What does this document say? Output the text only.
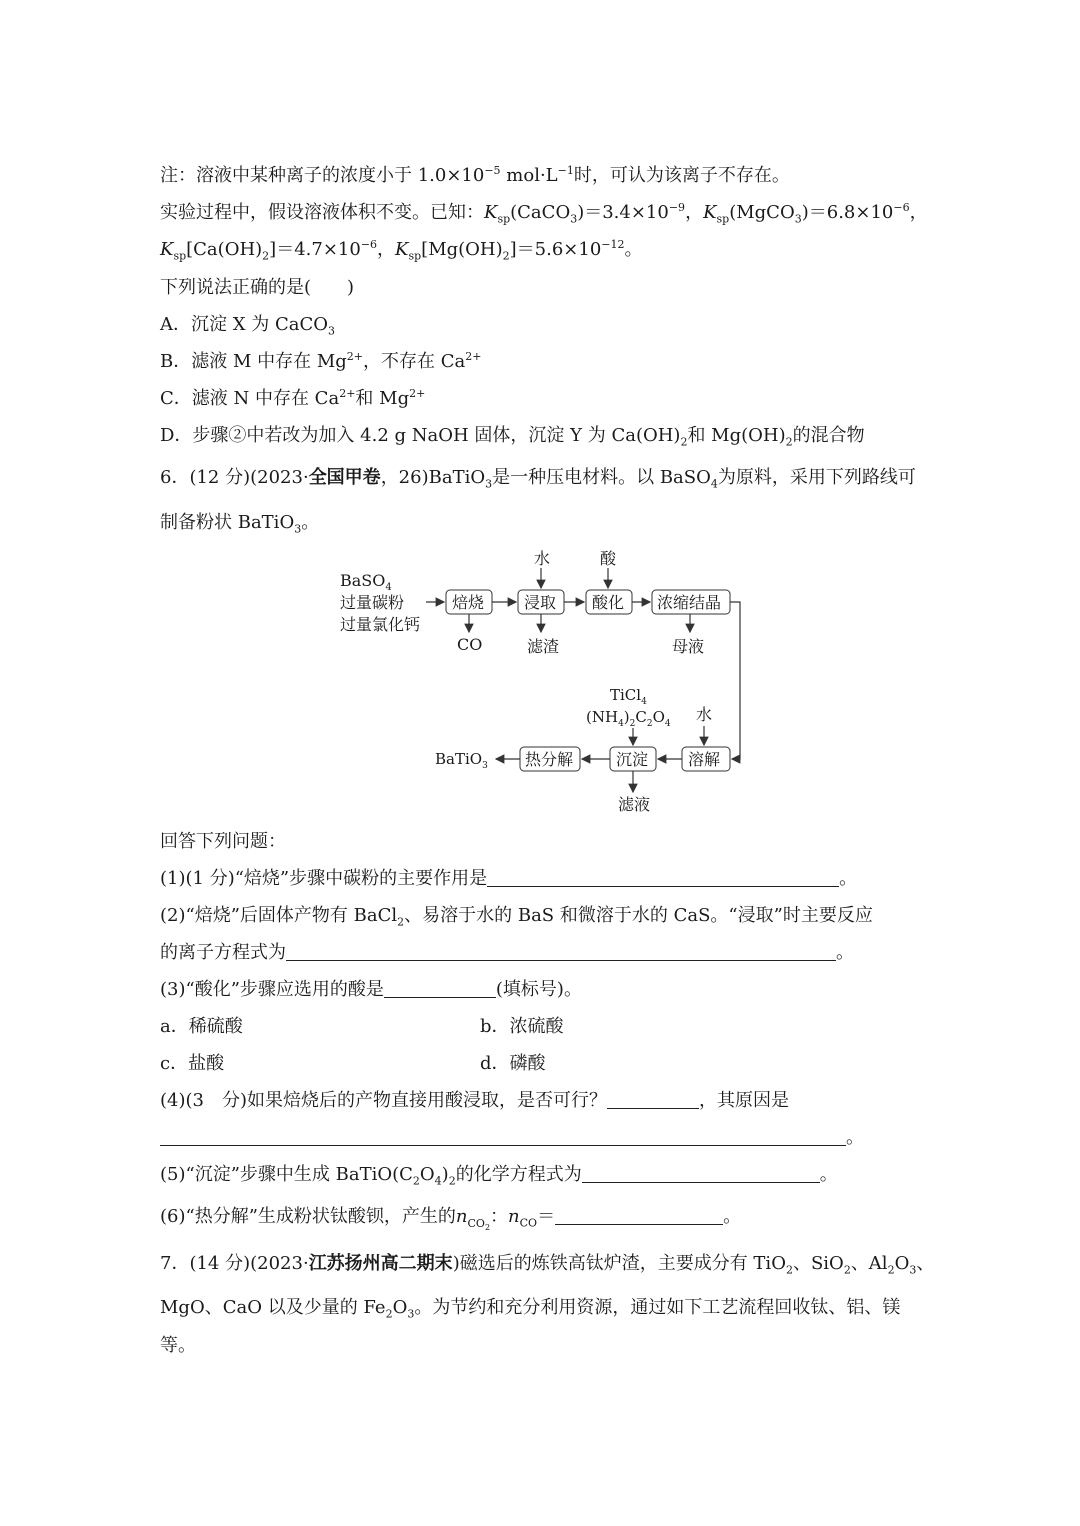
注：溶液中某种离子的浓度小于 $1.0\times 10^{-5}$ $mol\cdot L^{-1}$时，可认为该离子不存在。
实验过程中，假设溶液体积不变。已知：$K_{sp}(CaCO_3)=3.4\times 10^{-9}$，$K_{sp}(MgCO_3)=6.8\times 10^{-6}$，
$K_{sp}[Ca(OH)_2]=4.7\times 10^{-6}$，$K_{sp}[Mg(OH)_2]=5.6\times 10^{-12}$。
下列说法正确的是(　　)
A．沉淀 X 为 CaCO$_3$
B．滤液 M 中存在 $Mg^{2+}$，不存在 $Ca^{2+}$
C．滤液 N 中存在 $Ca^{2+}$和 $Mg^{2+}$
D．步骤②中若改为加入 4.2 g NaOH 固体，沉淀 Y 为 $Ca(OH)_2$和 $Mg(OH)_2$的混合物
6．(12 分)(2023·全国甲卷，26)BaTiO$_3$是一种压电材料。以 BaSO$_4$为原料，采用下列路线可
制备粉状 BaTiO$_3$。
BaSO$_4$
过量碳粉
过量氯化钙
焙烧 浸取 酸化 浓缩结晶
水	酸
CO	滤渣	母液
溶解
沉淀
热分解
BaTiO$_3$
TiCl$_4$
$(NH_4)_2C_2O_4$ 水
滤液
回答下列问题：
(1)(1 分)“焙烧”步骤中碳粉的主要作用是	。
(2)“焙烧”后固体产物有 BaCl$_2$、易溶于水的 BaS 和微溶于水的 CaS。“浸取”时主要反应
的离子方程式为	。
(3)“酸化”步骤应选用的酸是	(填标号)。
a．稀硫酸	b．浓硫酸
c．盐酸	d．磷酸
(4)(3　分)如果焙烧后的产物直接用酸浸取，是否可行？	，其原因是
。
(5)“沉淀”步骤中生成 $BaTiO(C_2O_4)_2$的化学方程式为	。
(6)“热分解”生成粉状钛酸钡，产生的$n_{CO_2}$：$n_{CO}=$	。
7．(14 分)(2023·江苏扬州高二期末)磁选后的炼铁高钛炉渣，主要成分有 TiO$_2$、SiO$_2$、$Al_2O_3$、
MgO、CaO 以及少量的 $Fe_2O_3$。为节约和充分利用资源，通过如下工艺流程回收钛、铝、镁
等。
